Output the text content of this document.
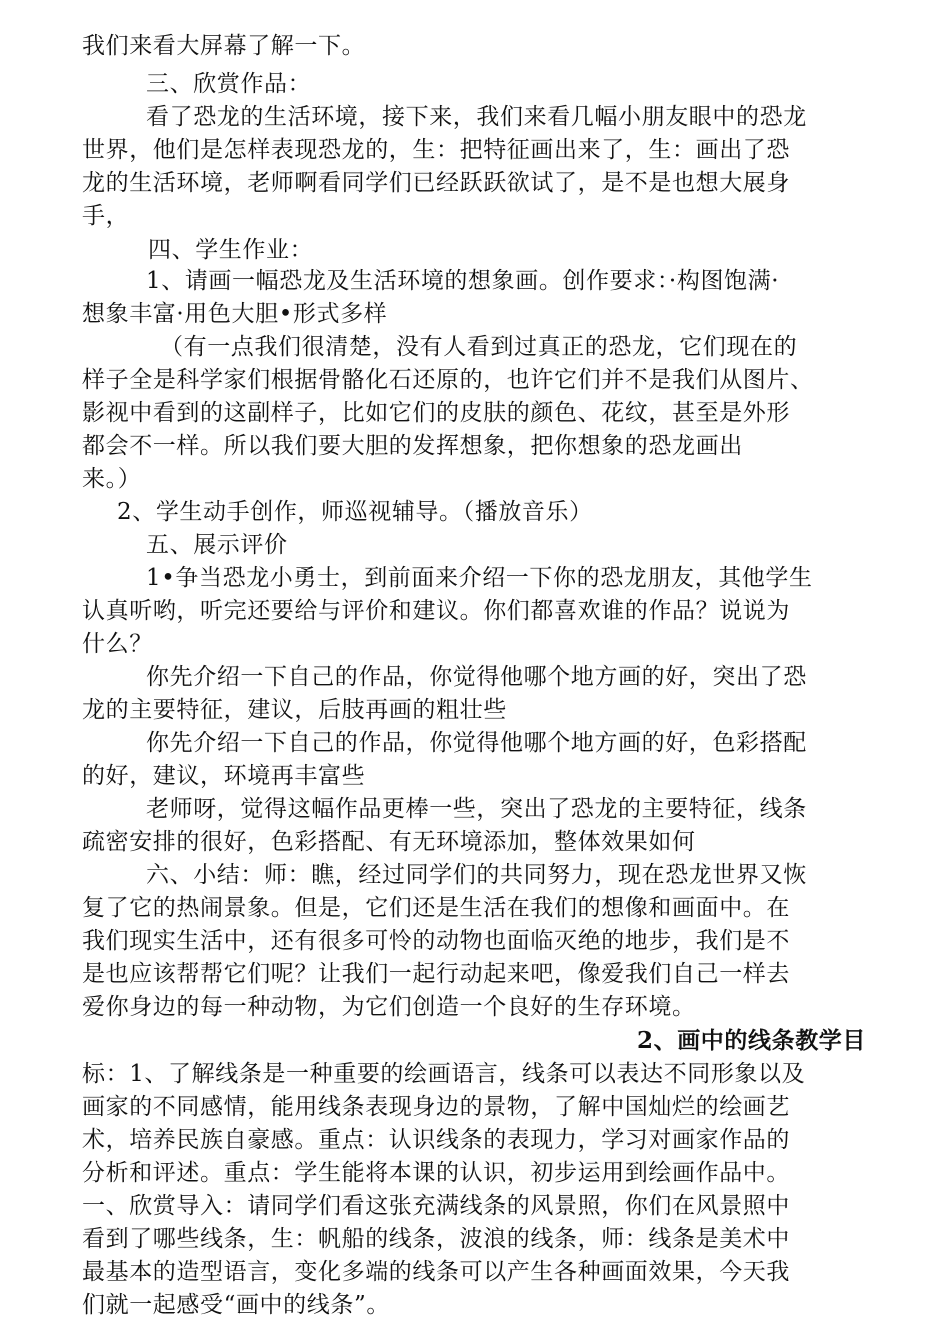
我们来看大屏幕了解一下。
三、欣赏作品：
看了恐龙的生活环境，接下来，我们来看几幅小朋友眼中的恐龙
世界，他们是怎样表现恐龙的，生：把特征画出来了，生：画出了恐
龙的生活环境，老师啊看同学们已经跃跃欲试了，是不是也想大展身
手，
四、学生作业：
1、请画一幅恐龙及生活环境的想象画。创作要求：·构图饱满·
想象丰富·用色大胆•形式多样
（有一点我们很清楚，没有人看到过真正的恐龙，它们现在的
样子全是科学家们根据骨骼化石还原的，也许它们并不是我们从图片、
影视中看到的这副样子，比如它们的皮肤的颜色、花纹，甚至是外形
都会不一样。所以我们要大胆的发挥想象，把你想象的恐龙画出
来。）
2、学生动手创作，师巡视辅导。（播放音乐）
五、展示评价
1•争当恐龙小勇士，到前面来介绍一下你的恐龙朋友，其他学生
认真听哟，听完还要给与评价和建议。你们都喜欢谁的作品？说说为
什么？
你先介绍一下自己的作品，你觉得他哪个地方画的好，突出了恐
龙的主要特征，建议，后肢再画的粗壮些
你先介绍一下自己的作品，你觉得他哪个地方画的好，色彩搭配
的好，建议，环境再丰富些
老师呀，觉得这幅作品更棒一些，突出了恐龙的主要特征，线条
疏密安排的很好，色彩搭配、有无环境添加，整体效果如何
六、小结：师：瞧，经过同学们的共同努力，现在恐龙世界又恢
复了它的热闹景象。但是，它们还是生活在我们的想像和画面中。在
我们现实生活中，还有很多可怜的动物也面临灭绝的地步，我们是不
是也应该帮帮它们呢？让我们一起行动起来吧，像爱我们自己一样去
爱你身边的每一种动物，为它们创造一个良好的生存环境。
2、画中的线条教学目
标：1、了解线条是一种重要的绘画语言，线条可以表达不同形象以及
画家的不同感情，能用线条表现身边的景物，了解中国灿烂的绘画艺
术，培养民族自豪感。重点：认识线条的表现力，学习对画家作品的
分析和评述。重点：学生能将本课的认识，初步运用到绘画作品中。
一、欣赏导入：请同学们看这张充满线条的风景照，你们在风景照中
看到了哪些线条，生：帆船的线条，波浪的线条，师：线条是美术中
最基本的造型语言，变化多端的线条可以产生各种画面效果，今天我
们就一起感受“画中的线条”。
